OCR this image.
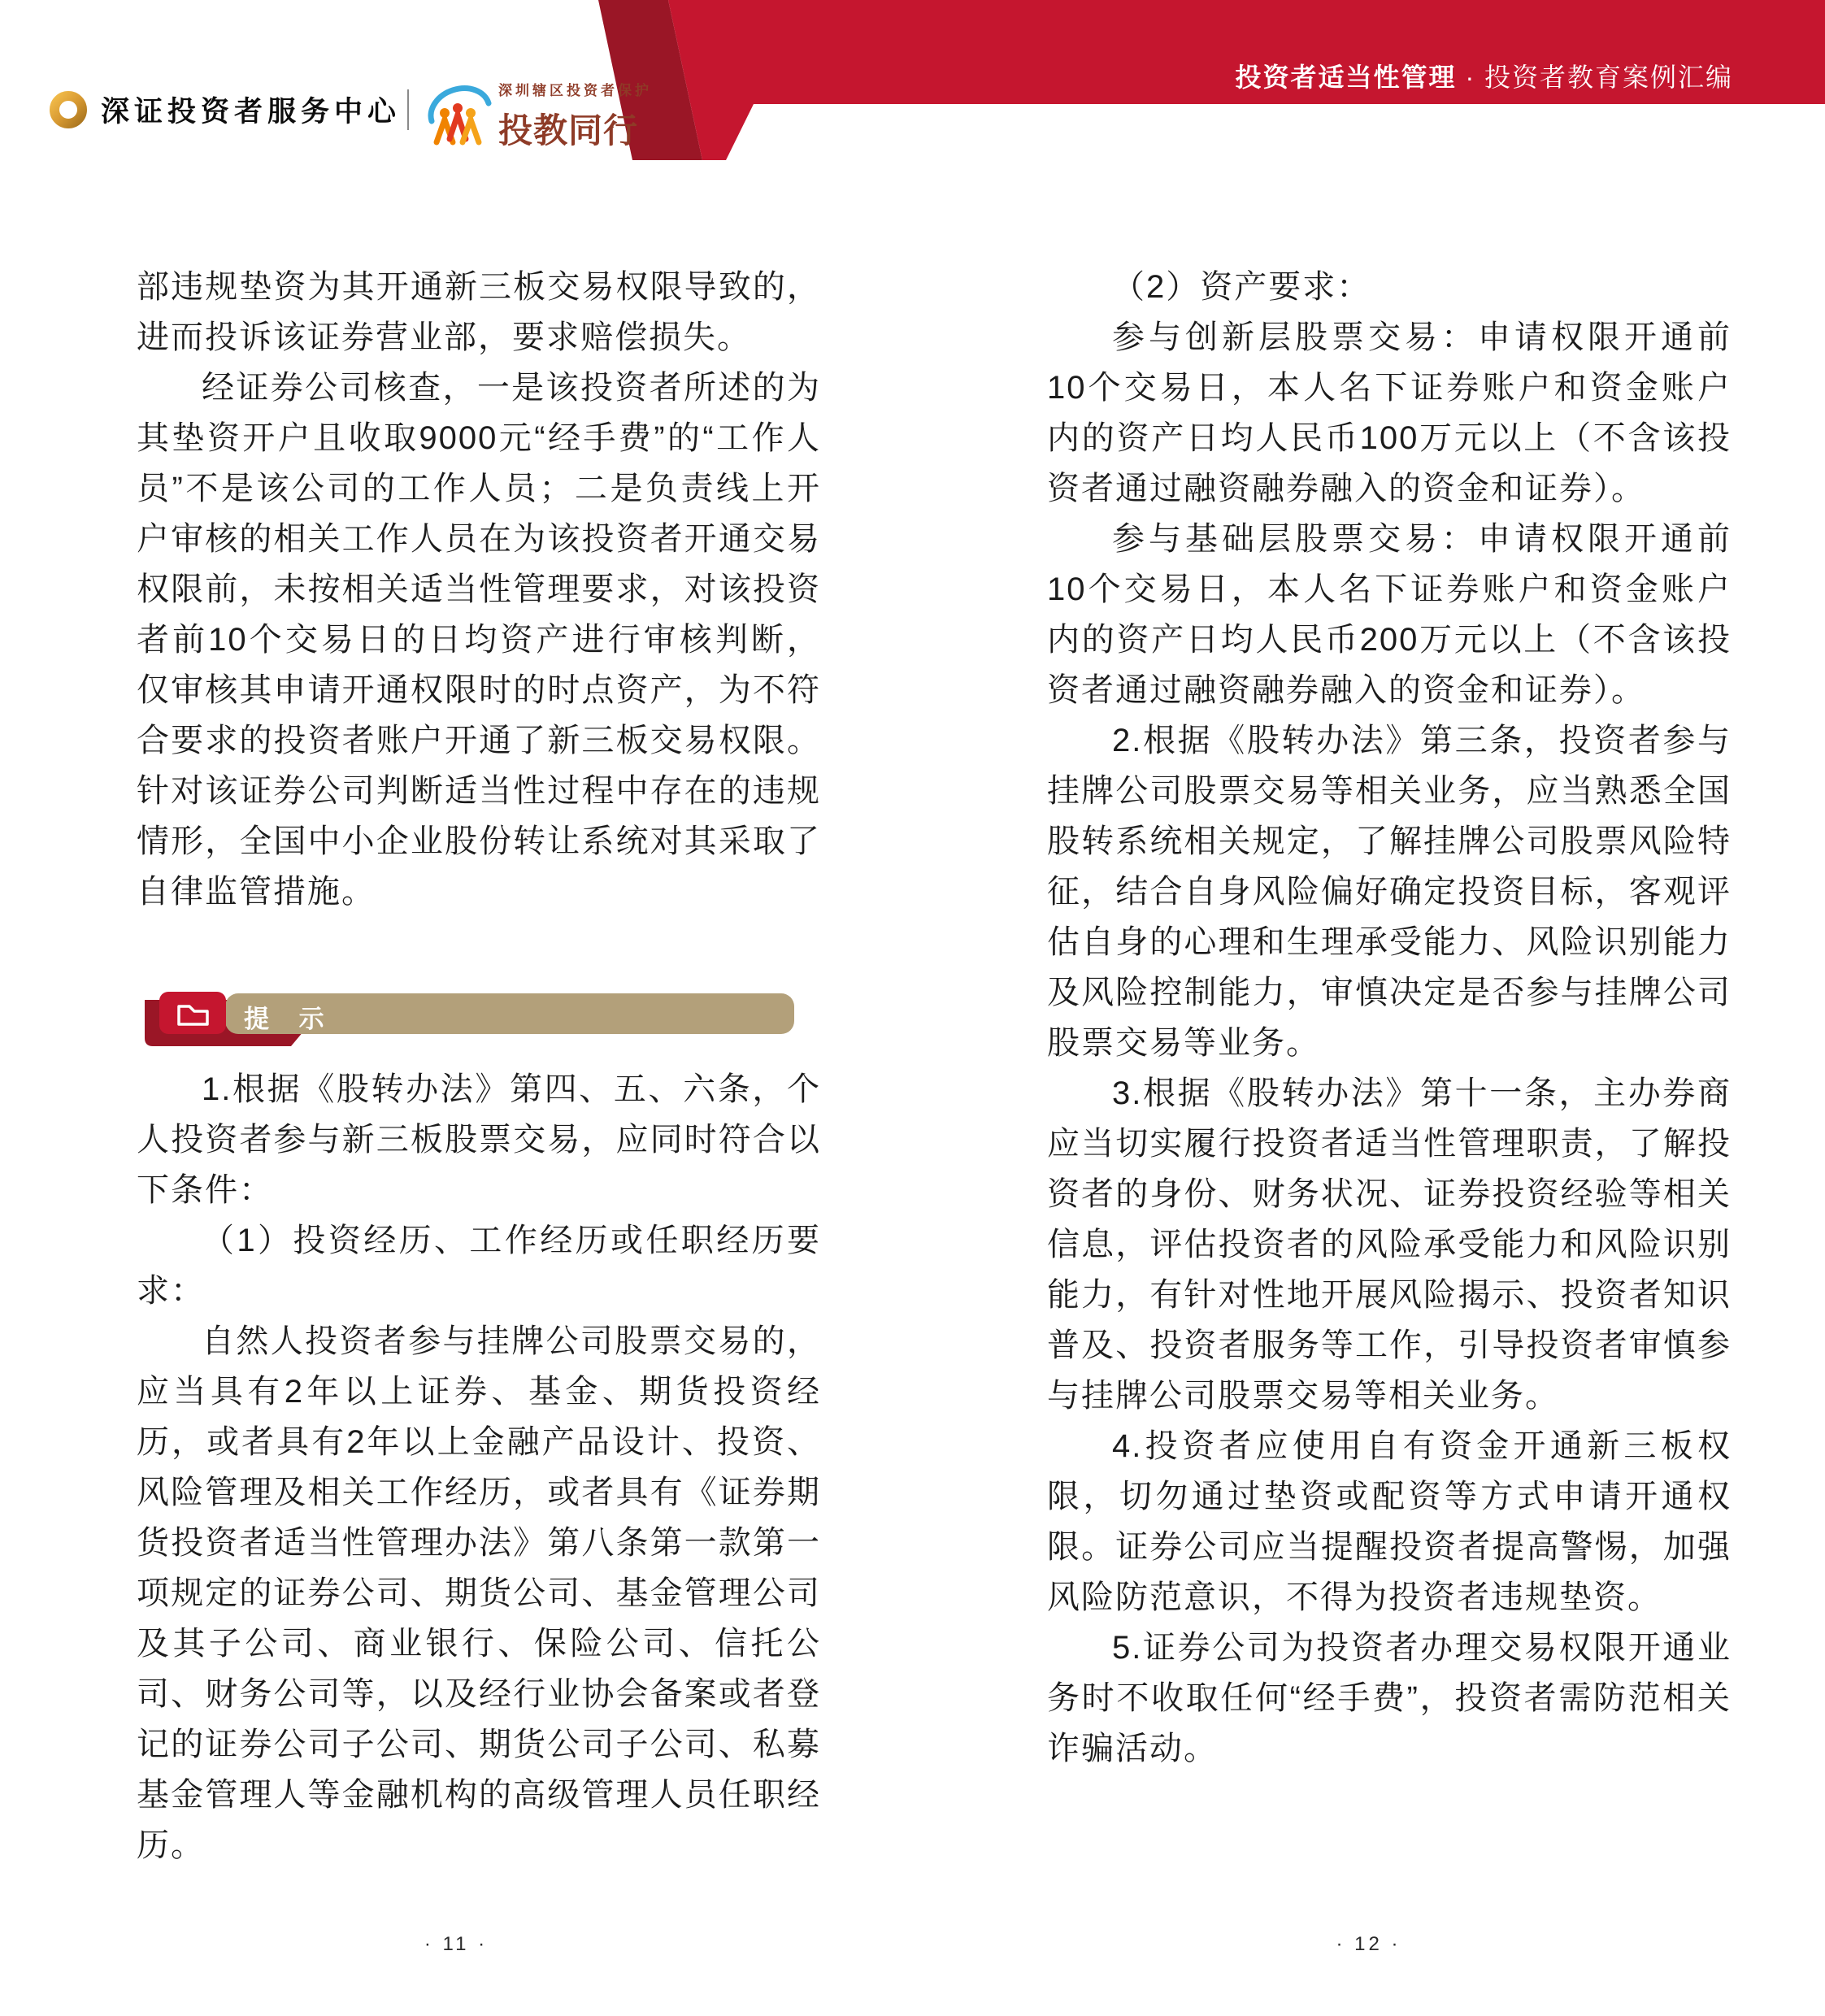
投资者适当性管理 · 投资者教育案例汇编
深证投资者服务中心
深圳辖区投资者保护
投教同行

部违规垫资为其开通新三板交易权限导致的，进而投诉该证券营业部，要求赔偿损失。

经证券公司核查，一是该投资者所述的为其垫资开户且收取9000元“经手费”的“工作人员”不是该公司的工作人员；二是负责线上开户审核的相关工作人员在为该投资者开通交易权限前，未按相关适当性管理要求，对该投资者前10个交易日的日均资产进行审核判断，仅审核其申请开通权限时的时点资产，为不符合要求的投资者账户开通了新三板交易权限。针对该证券公司判断适当性过程中存在的违规情形，全国中小企业股份转让系统对其采取了自律监管措施。

提 示

1.根据《股转办法》第四、五、六条，个人投资者参与新三板股票交易，应同时符合以下条件：

（1）投资经历、工作经历或任职经历要求：

自然人投资者参与挂牌公司股票交易的，应当具有2年以上证券、基金、期货投资经历，或者具有2年以上金融产品设计、投资、风险管理及相关工作经历，或者具有《证券期货投资者适当性管理办法》第八条第一款第一项规定的证券公司、期货公司、基金管理公司及其子公司、商业银行、保险公司、信托公司、财务公司等，以及经行业协会备案或者登记的证券公司子公司、期货公司子公司、私募基金管理人等金融机构的高级管理人员任职经历。

· 11 ·

（2）资产要求：

参与创新层股票交易：申请权限开通前10个交易日，本人名下证券账户和资金账户内的资产日均人民币100万元以上（不含该投资者通过融资融券融入的资金和证券）。

参与基础层股票交易：申请权限开通前10个交易日，本人名下证券账户和资金账户内的资产日均人民币200万元以上（不含该投资者通过融资融券融入的资金和证券）。

2.根据《股转办法》第三条，投资者参与挂牌公司股票交易等相关业务，应当熟悉全国股转系统相关规定，了解挂牌公司股票风险特征，结合自身风险偏好确定投资目标，客观评估自身的心理和生理承受能力、风险识别能力及风险控制能力，审慎决定是否参与挂牌公司股票交易等业务。

3.根据《股转办法》第十一条，主办券商应当切实履行投资者适当性管理职责，了解投资者的身份、财务状况、证券投资经验等相关信息，评估投资者的风险承受能力和风险识别能力，有针对性地开展风险揭示、投资者知识普及、投资者服务等工作，引导投资者审慎参与挂牌公司股票交易等相关业务。

4.投资者应使用自有资金开通新三板权限，切勿通过垫资或配资等方式申请开通权限。证券公司应当提醒投资者提高警惕，加强风险防范意识，不得为投资者违规垫资。

5.证券公司为投资者办理交易权限开通业务时不收取任何“经手费”，投资者需防范相关诈骗活动。

· 12 ·
